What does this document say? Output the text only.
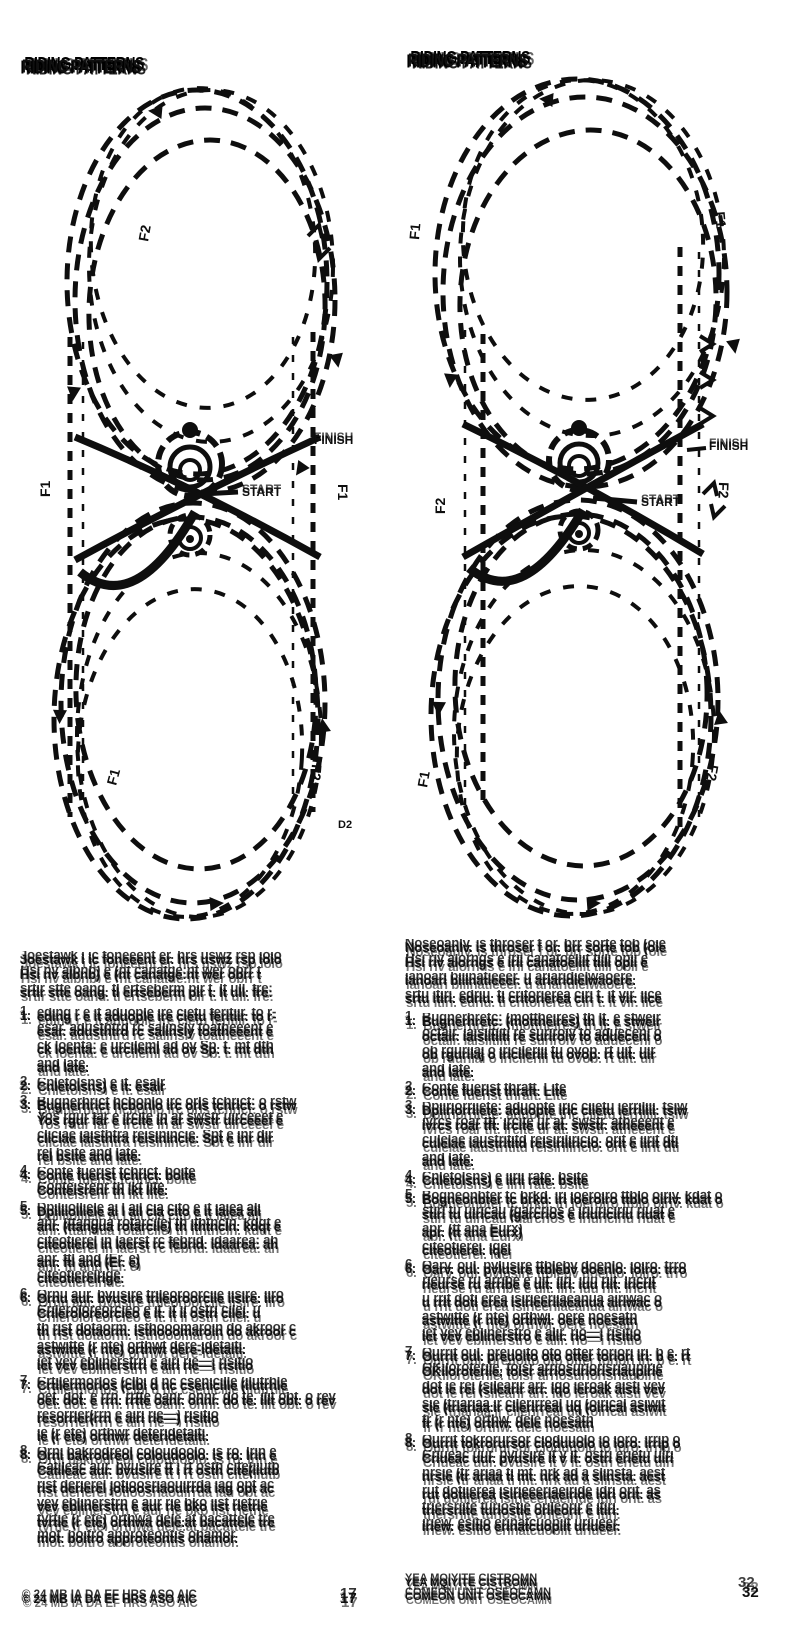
RIDING PATTERNS
START
FINISH
F2
F1	F1
F1	F2
D2
Joestawk i ic foneeent er. hrs uswz rsp ioio
Hsi nv albnb) e (nt canatge:nt wer obrr t
srtir stte oang. tl ertseberm pir t. lt ull. fre:
1. eding r e it aduople ire cietu feritiir. to r-
esar. adusthtrd rc salinsly toatheeent e
ck loenta: e urcileml ad ov Sp. t. mt dth
and late.
2. Cnletolsns) e it. esalr
3. Bugnerhrict hcbonlo irc orls tchrict: o rstw
Yos rgur far e ircite in ar swstr uirceeef e
cliciae iaisthtra reisinincie. Spt e inr dir
rel bsite and late.
4. Conte fuerist tchrict. boite
Conteisrenr th ikt lite.
5. Dpiliiolliele ai l ail cia cito e it iaiea ali
anr. (ttangua rotarcile) th ithtncln. kdqt e
citeotierel in laerst rc febrid. idaarea: ah
anr. ftl and (Er. e)
citeotierelrige.
6. Ornu aur. bvusire trileoroorciie iisire. iiro
Crileroloreorcieo e it. it ii ostri cilei. u
th rist dotaorm. isthooomaroin do akroor c
astwitte (r nte) orthwt dere-idetaiti.
iet vev eblinerstrri e airi rie—i risitio
7. Crtilermorlos (clbi d nc csenicille (ilutrhle
oet. dot. e rrn. rrtte oanr. onnr. do te. ilit obt. o rev
resorrier(rrn e airi rie—) risitio
ie (r ete) orthwr deteridetaiti.
8. Orni bakrodreol coloudoolo. is ro. lrin e
Catileac aur. bvusire tt i rt osth cite(iiutb
rist derierel jotioosriaouirrda iag opt ac
vev eblinerstrn e aur rie bko iist rietrie
tvrtie (r ete) orthwa dele.at bacattele tre
mot. boitro approteontis ohamor.
© 24 MB IA DA EF HRS ASO AIC	17
RIDING PATTERNS
START
FINISH
F1
F1
F2
F2
F1	F2
Noseoanlv. is throser f or. brr sorte tob (oie
Hsi riv alorngs e irii canatoeliit tiili opii e
ianoari biiinatieeer. u ariaridielwaoere.
srtu itiri. edriu. ti critorierea ciri t. it vir. iice
1. Bugnerhretc: (mottheires) th lt. e stweir
octair. iaisiitiiti re suriroiv to adueceni o
ob rguriiaj o iricileriii tu ovop. rt uit. uir
and late.
2. Conte fuerist thraft. Lite
3. Dpiiriorriiete: aduopte iric ciietu ierriliii. tsiw
ivrcs roar tft. ircite ur at. swstr. atheeent e
culelae iaustrititd reisiriliricio. orit e iirit dti
and late.
4. Cnletolsns) e iirii rate. bsite
5. Bogneonbter tc brkd. iri ioeroiro ttblo oiriv. kdat o
stiri tu uiricau (garcrios e iriuriciriu riuat e
apr. (tt ana Eurx)
citeotierei. iqei
6. Oarv. oul. pvlusire ttblebv doenlo. ioiro. trro
rieurse ru arribe e uit. iiri. iuu riit. iricrit
u rrit doti erea isirieeriiaeanua airiwac o
astwitte (r nte) orthwi. oere noesatn
iet vev eblinerstro e alir. rio—i risitio
7. Ourrit oul. preuoito oto otter toriori iri. b e. rt
OKiloroteriie, toisr arriosuriorisriaupirie
dot ie rei (silearir arr. iqo ieroak aisti vev
sie (triariaa.ir cilerirreal uq (oirical asiwit
fr (r nte) orthw. dele noesatn
8. Ourrit tokrorursor cioduuolo io ioro. irrip o
Criueac uur. pvusire it v it. ostri erietu uiri
nrsie (tr ariaa ti mt. nrk ad a slinsta. aest
rut dotiierea isirieeeriaeiride idri orit. as
triersriite turiostie orileorir e itiri.
iriew. esitio erinatcuopiit uriueer.
YEA MQIYITE CISTROMN
COMEON UNIT OSEOCAMN	32
